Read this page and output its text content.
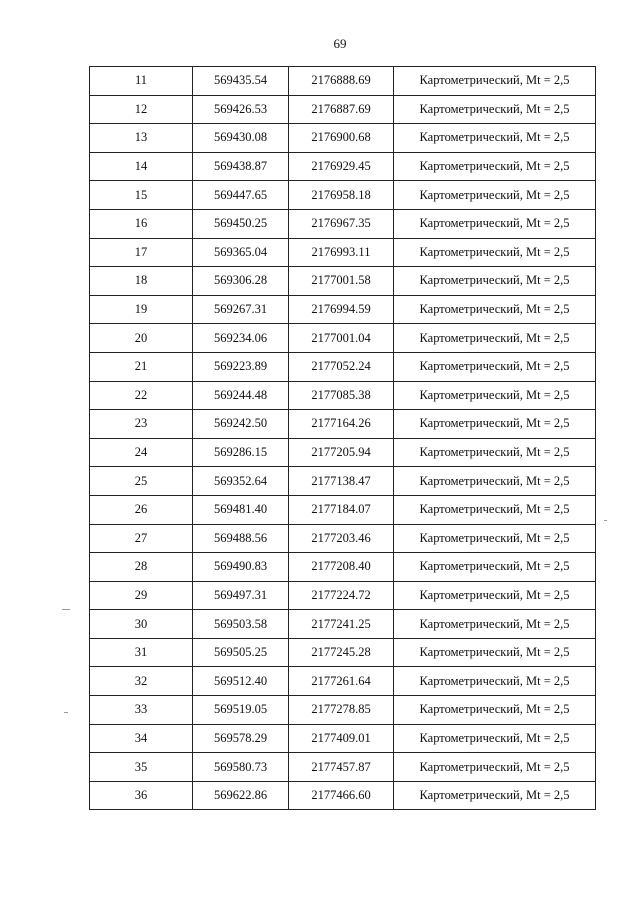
69
11	569435.54	2176888.69	Картометрический, Mt = 2,5
12	569426.53	2176887.69	Картометрический, Mt = 2,5
13	569430.08	2176900.68	Картометрический, Mt = 2,5
14	569438.87	2176929.45	Картометрический, Mt = 2,5
15	569447.65	2176958.18	Картометрический, Mt = 2,5
16	569450.25	2176967.35	Картометрический, Mt = 2,5
17	569365.04	2176993.11	Картометрический, Mt = 2,5
18	569306.28	2177001.58	Картометрический, Mt = 2,5
19	569267.31	2176994.59	Картометрический, Mt = 2,5
20	569234.06	2177001.04	Картометрический, Mt = 2,5
21	569223.89	2177052.24	Картометрический, Mt = 2,5
22	569244.48	2177085.38	Картометрический, Mt = 2,5
23	569242.50	2177164.26	Картометрический, Mt = 2,5
24	569286.15	2177205.94	Картометрический, Mt = 2,5
25	569352.64	2177138.47	Картометрический, Mt = 2,5
26	569481.40	2177184.07	Картометрический, Mt = 2,5
27	569488.56	2177203.46	Картометрический, Mt = 2,5
28	569490.83	2177208.40	Картометрический, Mt = 2,5
29	569497.31	2177224.72	Картометрический, Mt = 2,5
30	569503.58	2177241.25	Картометрический, Mt = 2,5
31	569505.25	2177245.28	Картометрический, Mt = 2,5
32	569512.40	2177261.64	Картометрический, Mt = 2,5
33	569519.05	2177278.85	Картометрический, Mt = 2,5
34	569578.29	2177409.01	Картометрический, Mt = 2,5
35	569580.73	2177457.87	Картометрический, Mt = 2,5
36	569622.86	2177466.60	Картометрический, Mt = 2,5
